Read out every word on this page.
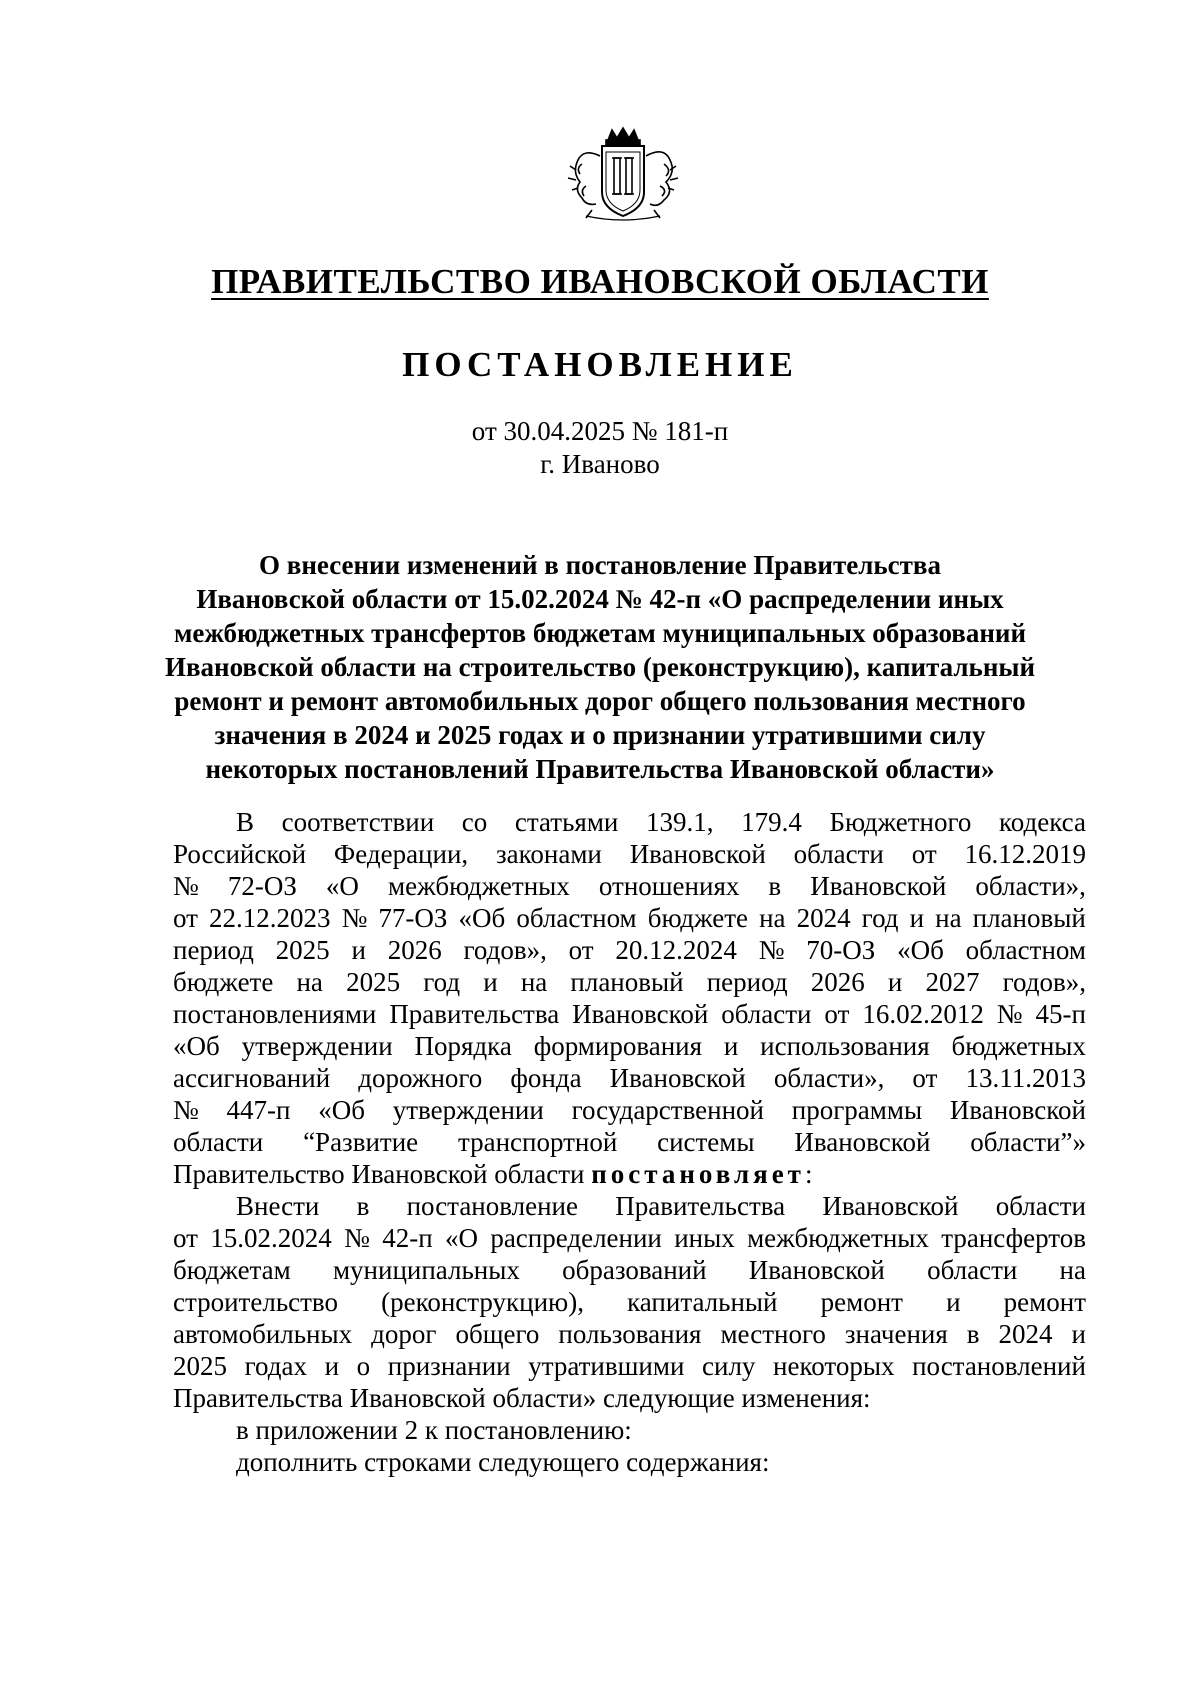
ПРАВИТЕЛЬСТВО ИВАНОВСКОЙ ОБЛАСТИ
ПОСТАНОВЛЕНИЕ
от 30.04.2025 № 181-п
г. Иваново
О внесении изменений в постановление Правительства
Ивановской области от 15.02.2024 № 42-п «О распределении иных
межбюджетных трансфертов бюджетам муниципальных образований
Ивановской области на строительство (реконструкцию), капитальный
ремонт и ремонт автомобильных дорог общего пользования местного
значения в 2024 и 2025 годах и о признании утратившими силу
некоторых постановлений Правительства Ивановской области»
В соответствии со статьями 139.1, 179.4 Бюджетного кодекса
Российской Федерации, законами Ивановской области от 16.12.2019
№ 72-ОЗ «О межбюджетных отношениях в Ивановской области»,
от 22.12.2023 № 77-ОЗ «Об областном бюджете на 2024 год и на плановый
период 2025 и 2026 годов», от 20.12.2024 № 70-ОЗ «Об областном
бюджете на 2025 год и на плановый период 2026 и 2027 годов»,
постановлениями Правительства Ивановской области от 16.02.2012 № 45-п
«Об утверждении Порядка формирования и использования бюджетных
ассигнований дорожного фонда Ивановской области», от 13.11.2013
№ 447-п «Об утверждении государственной программы Ивановской
области “Развитие транспортной системы Ивановской области”»
Правительство Ивановской области постановляет:
Внести в постановление Правительства Ивановской области
от 15.02.2024 № 42-п «О распределении иных межбюджетных трансфертов
бюджетам муниципальных образований Ивановской области на
строительство (реконструкцию), капитальный ремонт и ремонт
автомобильных дорог общего пользования местного значения в 2024 и
2025 годах и о признании утратившими силу некоторых постановлений
Правительства Ивановской области» следующие изменения:
в приложении 2 к постановлению:
дополнить строками следующего содержания:
